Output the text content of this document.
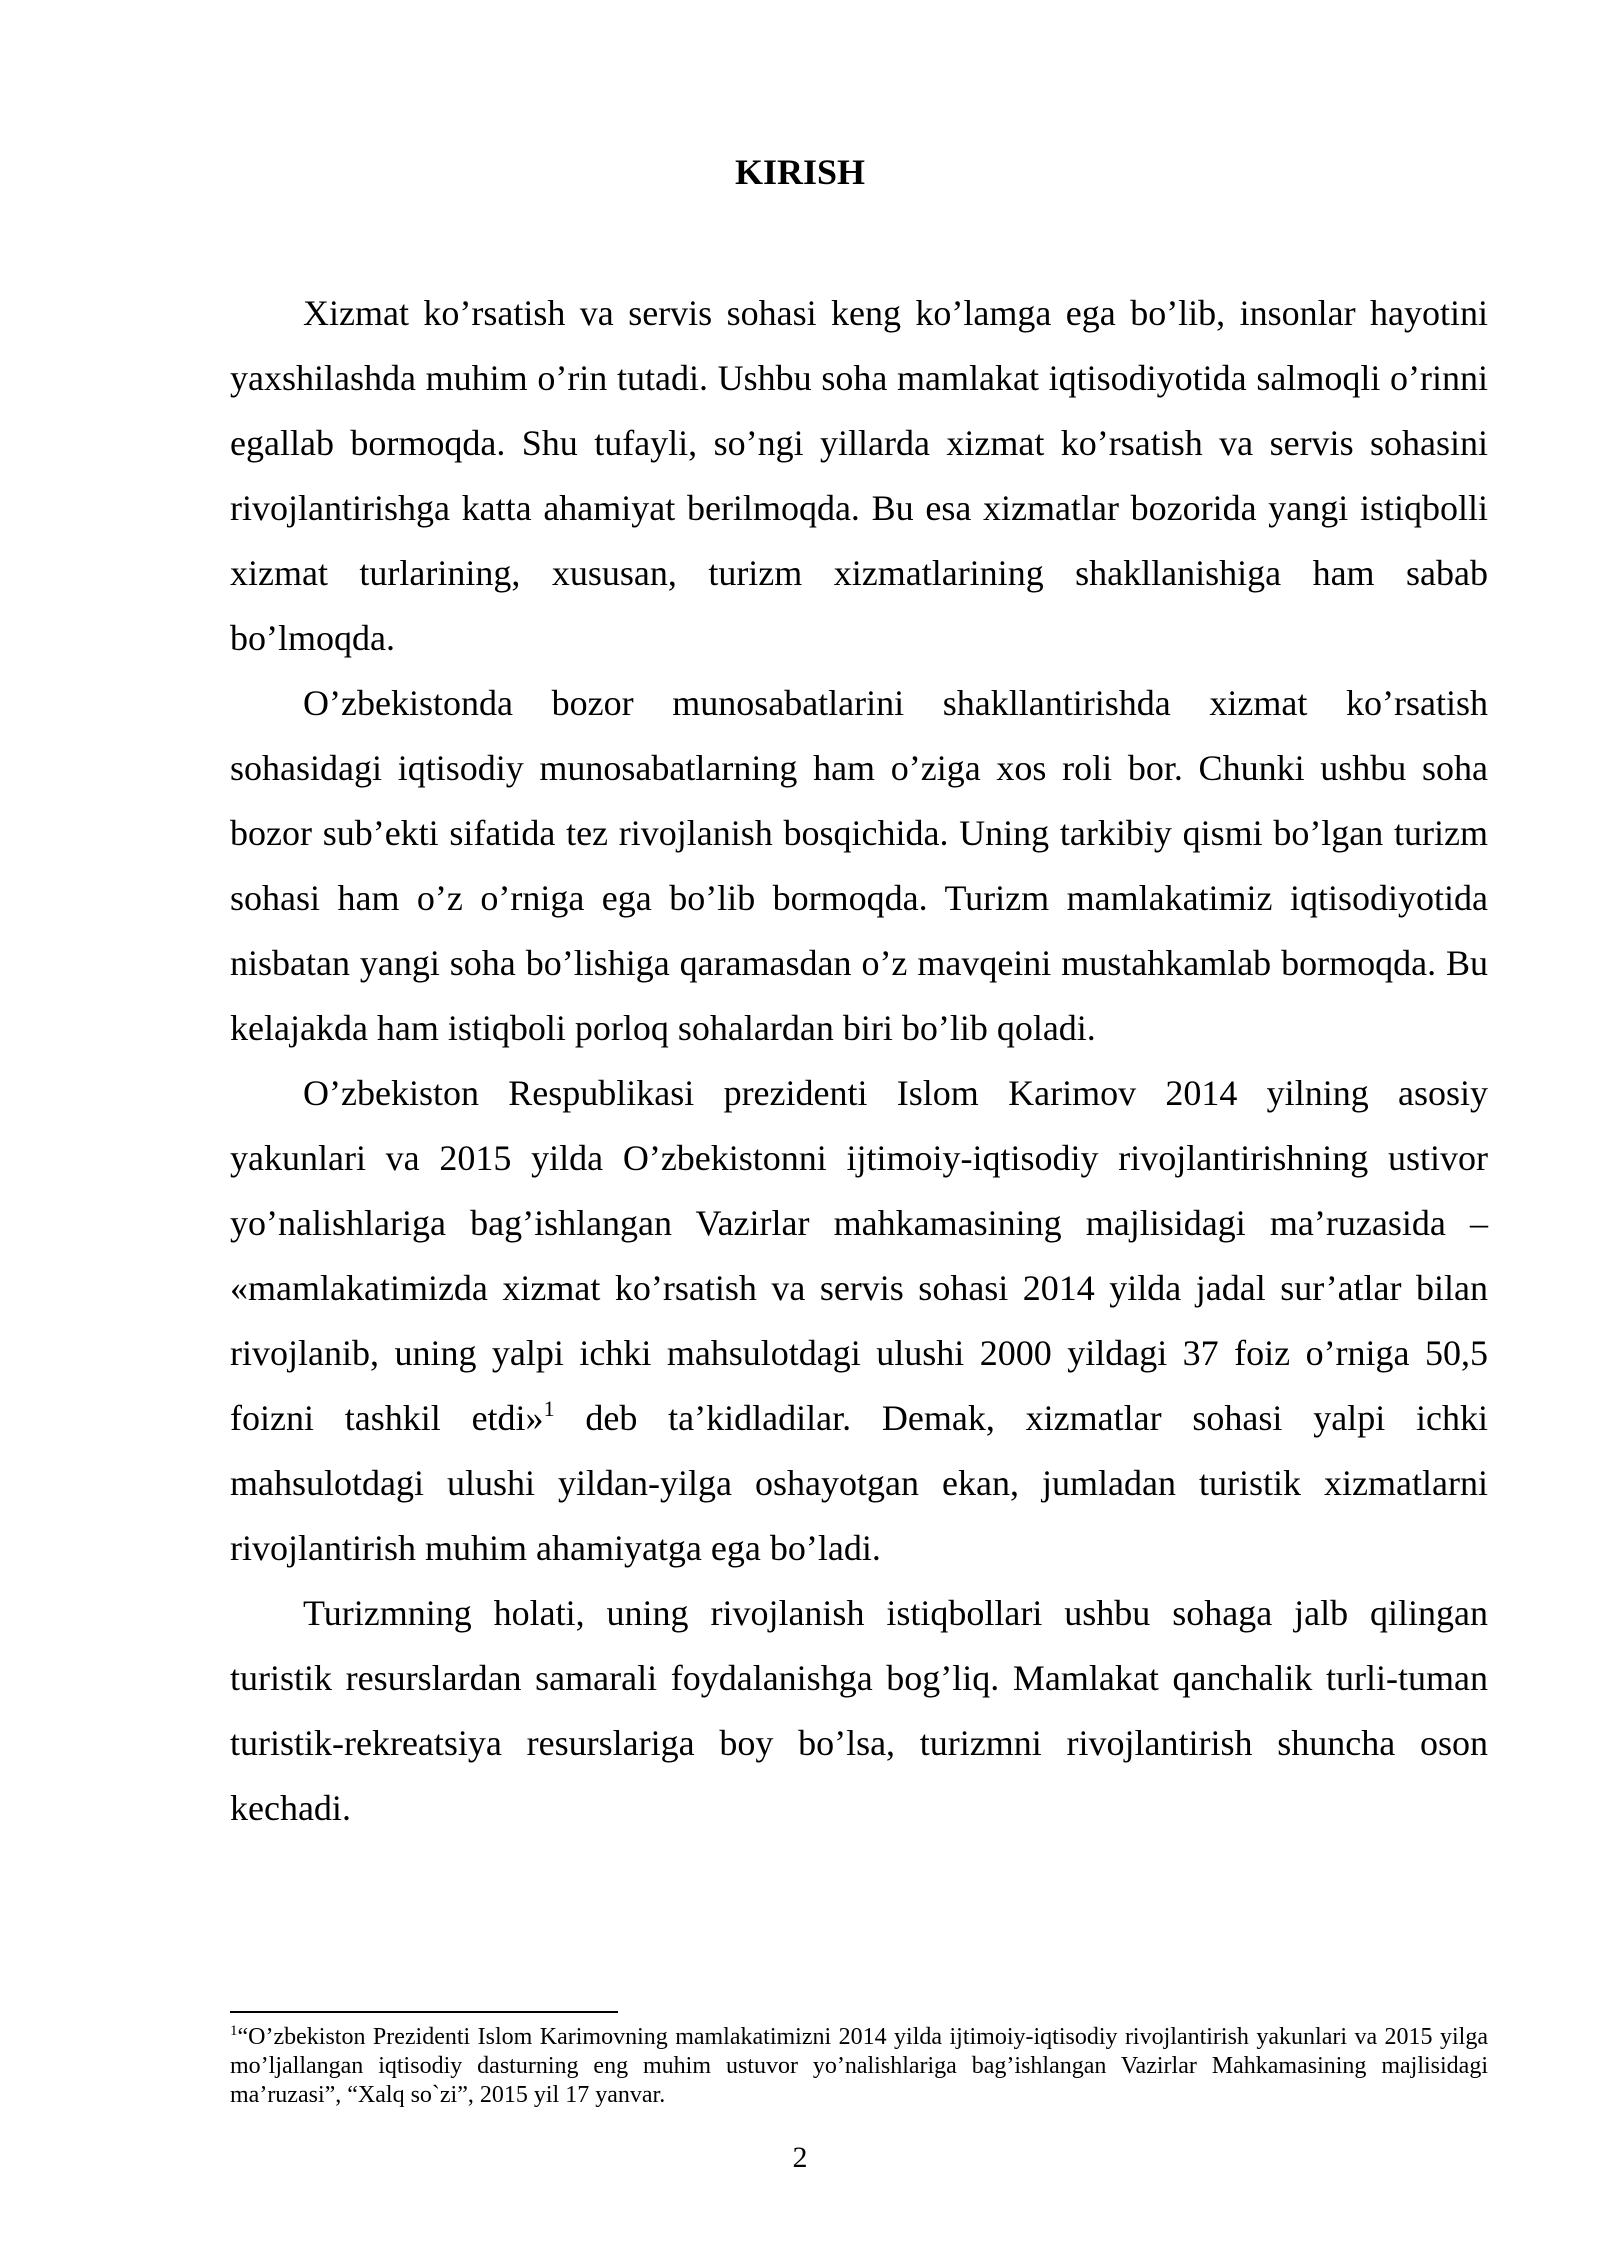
KIRISH

Xizmat ko’rsatish va servis sohasi keng ko’lamga ega bo’lib, insonlar hayotini yaxshilashda muhim o’rin tutadi. Ushbu soha mamlakat iqtisodiyotida salmoqli o’rinni egallab bormoqda. Shu tufayli, so’ngi yillarda xizmat ko’rsatish va servis sohasini rivojlantirishga katta ahamiyat berilmoqda. Bu esa xizmatlar bozorida yangi istiqbolli xizmat turlarining, xususan, turizm xizmatlarining shakllanishiga ham sabab bo’lmoqda.

O’zbekistonda bozor munosabatlarini shakllantirishda xizmat ko’rsatish sohasidagi iqtisodiy munosabatlarning ham o’ziga xos roli bor. Chunki ushbu soha bozor sub’ekti sifatida tez rivojlanish bosqichida. Uning tarkibiy qismi bo’lgan turizm sohasi ham o’z o’rniga ega bo’lib bormoqda. Turizm mamlakatimiz iqtisodiyotida nisbatan yangi soha bo’lishiga qaramasdan o’z mavqeini mustahkamlab bormoqda. Bu kelajakda ham istiqboli porloq sohalardan biri bo’lib qoladi.

O’zbekiston Respublikasi prezidenti Islom Karimov 2014 yilning asosiy yakunlari va 2015 yilda O’zbekistonni ijtimoiy-iqtisodiy rivojlantirishning ustivor yo’nalishlariga bag’ishlangan Vazirlar mahkamasining majlisidagi ma’ruzasida – «mamlakatimizda xizmat ko’rsatish va servis sohasi 2014 yilda jadal sur’atlar bilan rivojlanib, uning yalpi ichki mahsulotdagi ulushi 2000 yildagi 37 foiz o’rniga 50,5 foizni tashkil etdi»$^1$ deb ta’kidladilar. Demak, xizmatlar sohasi yalpi ichki mahsulotdagi ulushi yildan-yilga oshayotgan ekan, jumladan turistik xizmatlarni rivojlantirish muhim ahamiyatga ega bo’ladi.

Turizmning holati, uning rivojlanish istiqbollari ushbu sohaga jalb qilingan turistik resurslardan samarali foydalanishga bog’liq. Mamlakat qanchalik turli-tuman turistik-rekreatsiya resurslariga boy bo’lsa, turizmni rivojlantirish shuncha oson kechadi.

$^1$“O’zbekiston Prezidenti Islom Karimovning mamlakatimizni 2014 yilda ijtimoiy-iqtisodiy rivojlantirish yakunlari va 2015 yilga mo’ljallangan iqtisodiy dasturning eng muhim ustuvor yo’nalishlariga bag’ishlangan Vazirlar Mahkamasining majlisidagi ma’ruzasi”, “Xalq so`zi”, 2015 yil 17 yanvar.

2
